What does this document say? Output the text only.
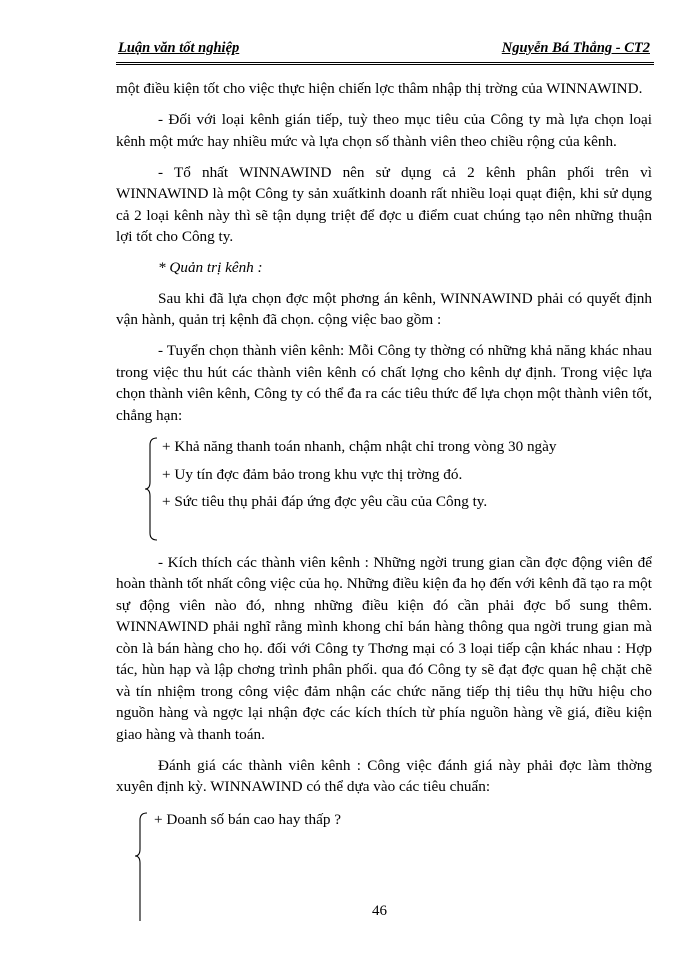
Luận văn tốt nghiệp	Nguyễn Bá Thắng - CT2

một điều kiện tốt cho việc thực hiện chiến lợc thâm nhập thị trờng của WINNAWIND.

- Đối với loại kênh gián tiếp, tuỳ theo mục tiêu của Công ty mà lựa chọn loại kênh một mức hay nhiều mức và lựa chọn số thành viên theo chiều rộng của kênh.

- Tổ nhất WINNAWIND nên sử dụng cả 2 kênh phân phối trên vì WINNAWIND là một Công ty sản xuấtkinh doanh rất nhiều loại quạt điện, khi sử dụng cả 2 loại kênh này thì sẽ tận dụng triệt để đợc u điểm cuat chúng tạo nên những thuận lợi tốt cho Công ty.

* Quản trị kênh :

Sau khi đã lựa chọn đợc một phơng án kênh, WINNAWIND phải có quyết định vận hành, quản trị kệnh đã chọn. cộng việc bao gồm :

- Tuyển chọn thành viên kênh: Mỗi Công ty thờng có những khả năng khác nhau trong việc thu hút các thành viên kênh có chất lợng cho kênh dự định. Trong việc lựa chọn thành viên kênh, Công ty có thể đa ra các tiêu thức để lựa chọn một thành viên tốt, chẳng hạn:

+ Khả năng thanh toán nhanh, chậm nhật chỉ trong vòng 30 ngày
+ Uy tín đợc đảm bảo trong khu vực thị trờng đó.
+ Sức tiêu thụ phải đáp ứng đợc yêu cầu của Công ty.

- Kích thích các thành viên kênh : Những ngời trung gian cần đợc động viên để hoàn thành tốt nhất công việc của họ. Những điều kiện đa họ đến với kênh đã tạo ra một sự động viên nào đó, nhng những điều kiện đó cần phải đợc bổ sung thêm. WINNAWIND phải nghĩ rằng mình khong chỉ bán hàng thông qua ngời trung gian mà còn là bán hàng cho họ. đối với Công ty Thơng mại có 3 loại tiếp cận khác nhau : Hợp tác, hùn hạp và lập chơng trình phân phối. qua đó Công ty sẽ đạt đợc quan hệ chặt chẽ và tín nhiệm trong công việc đảm nhận các chức năng tiếp thị tiêu thụ hữu hiệu cho nguồn hàng và ngợc lại nhận đợc các kích thích từ phía nguồn hàng về giá, điều kiện giao hàng và thanh toán.

Đánh giá các thành viên kênh : Công việc đánh giá này phải đợc làm thờng xuyên định kỳ. WINNAWIND có thể dựa vào các tiêu chuẩn:

+ Doanh số bán cao hay thấp ?
46
